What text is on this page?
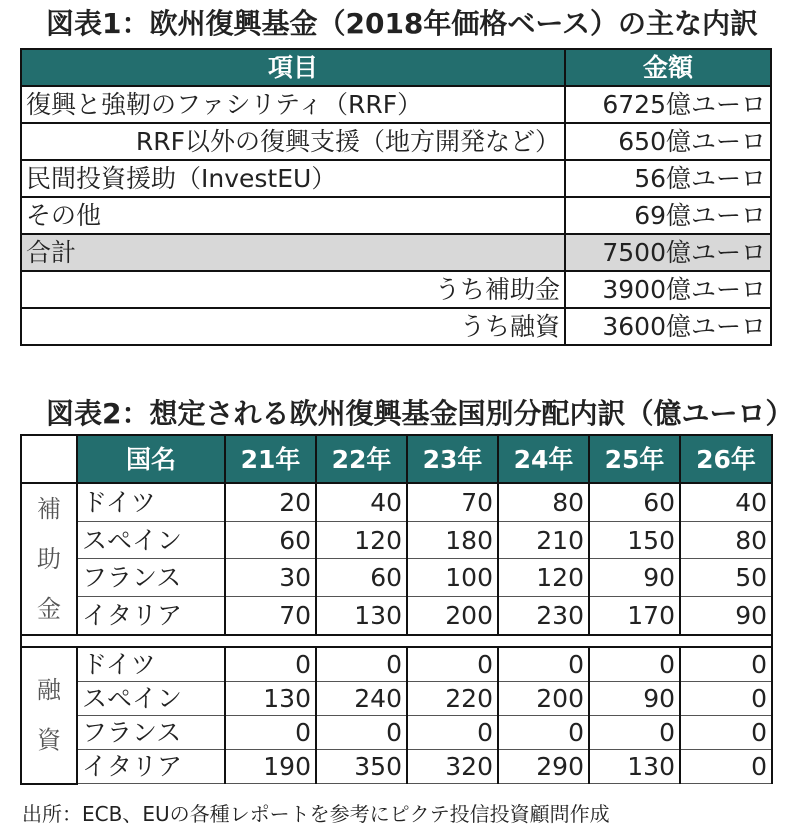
図表1：欧州復興基金（2018年価格ベース）の主な内訳
項目	金額
復興と強靭のファシリティ（RRF）	6725億ユーロ
RRF以外の復興支援（地方開発など）	650億ユーロ
民間投資援助（InvestEU）	56億ユーロ
その他	69億ユーロ
合計	7500億ユーロ
うち補助金	3900億ユーロ
うち融資	3600億ユーロ
図表2：想定される欧州復興基金国別分配内訳（億ユーロ）
	国名	21年	22年	23年	24年	25年	26年

補
助
金	ドイツ	20	40	70	80	60	40
	スペイン	60	120	180	210	150	80
	フランス	30	60	100	120	90	50
	イタリア	70	130	200	230	170	90

融
資	ドイツ	0	0	0	0	0	0
	スペイン	130	240	220	200	90	0
	フランス	0	0	0	0	0	0
	イタリア	190	350	320	290	130	0
出所：ECB、EUの各種レポートを参考にピクテ投信投資顧問作成
